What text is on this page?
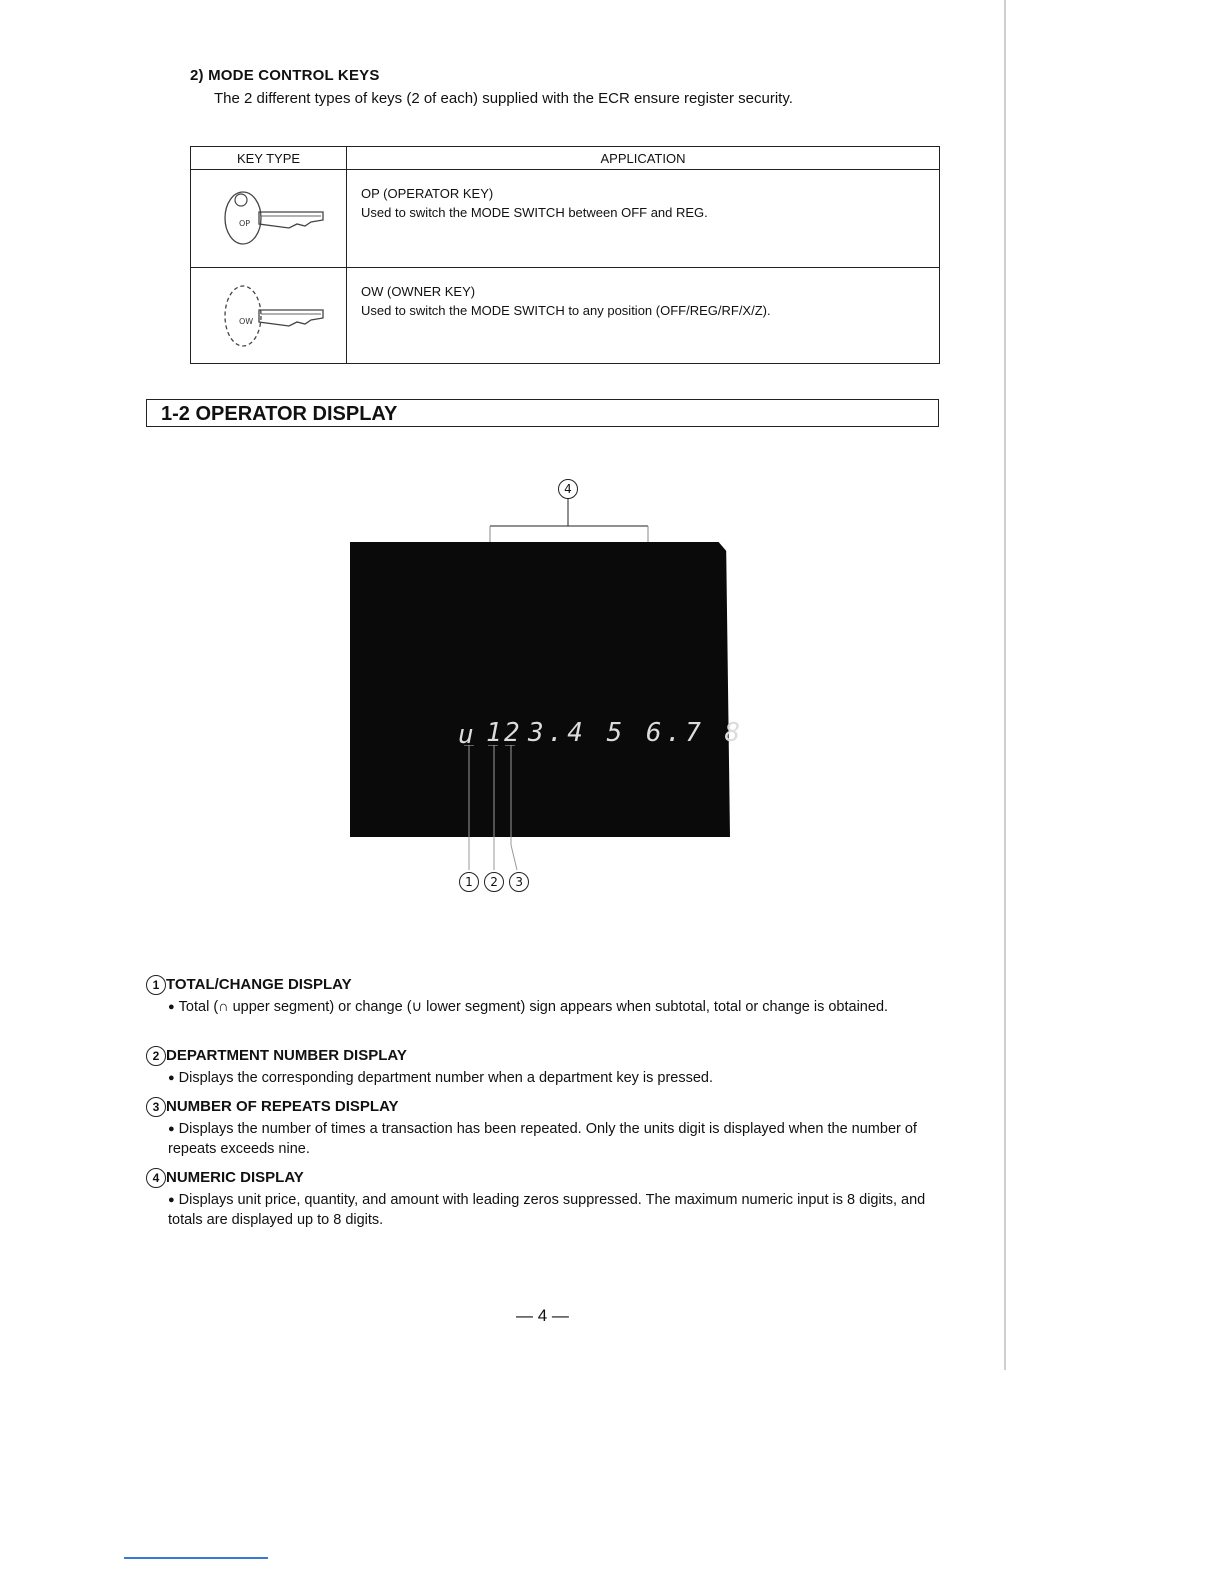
2) MODE CONTROL KEYS
The 2 different types of keys (2 of each) supplied with the ECR ensure register security.
KEY TYPE	APPLICATION

OP	OP (OPERATOR KEY)
Used to switch the MODE SWITCH between OFF and REG.

OW	OW (OWNER KEY)
Used to switch the MODE SWITCH to any position (OFF/REG/RF/X/Z).
1-2 OPERATOR DISPLAY
4
u 1
2 3.4 5 6.7 8
1 2 3
1 TOTAL/CHANGE DISPLAY
● Total (∩ upper segment) or change (∪ lower segment) sign appears when subtotal, total or change is obtained.
2 DEPARTMENT NUMBER DISPLAY
● Displays the corresponding department number when a department key is pressed.
3 NUMBER OF REPEATS DISPLAY
● Displays the number of times a transaction has been repeated. Only the units digit is displayed when the number of repeats exceeds nine.
4 NUMERIC DISPLAY
● Displays unit price, quantity, and amount with leading zeros suppressed. The maximum numeric input is 8 digits, and totals are displayed up to 8 digits.
— 4 —
